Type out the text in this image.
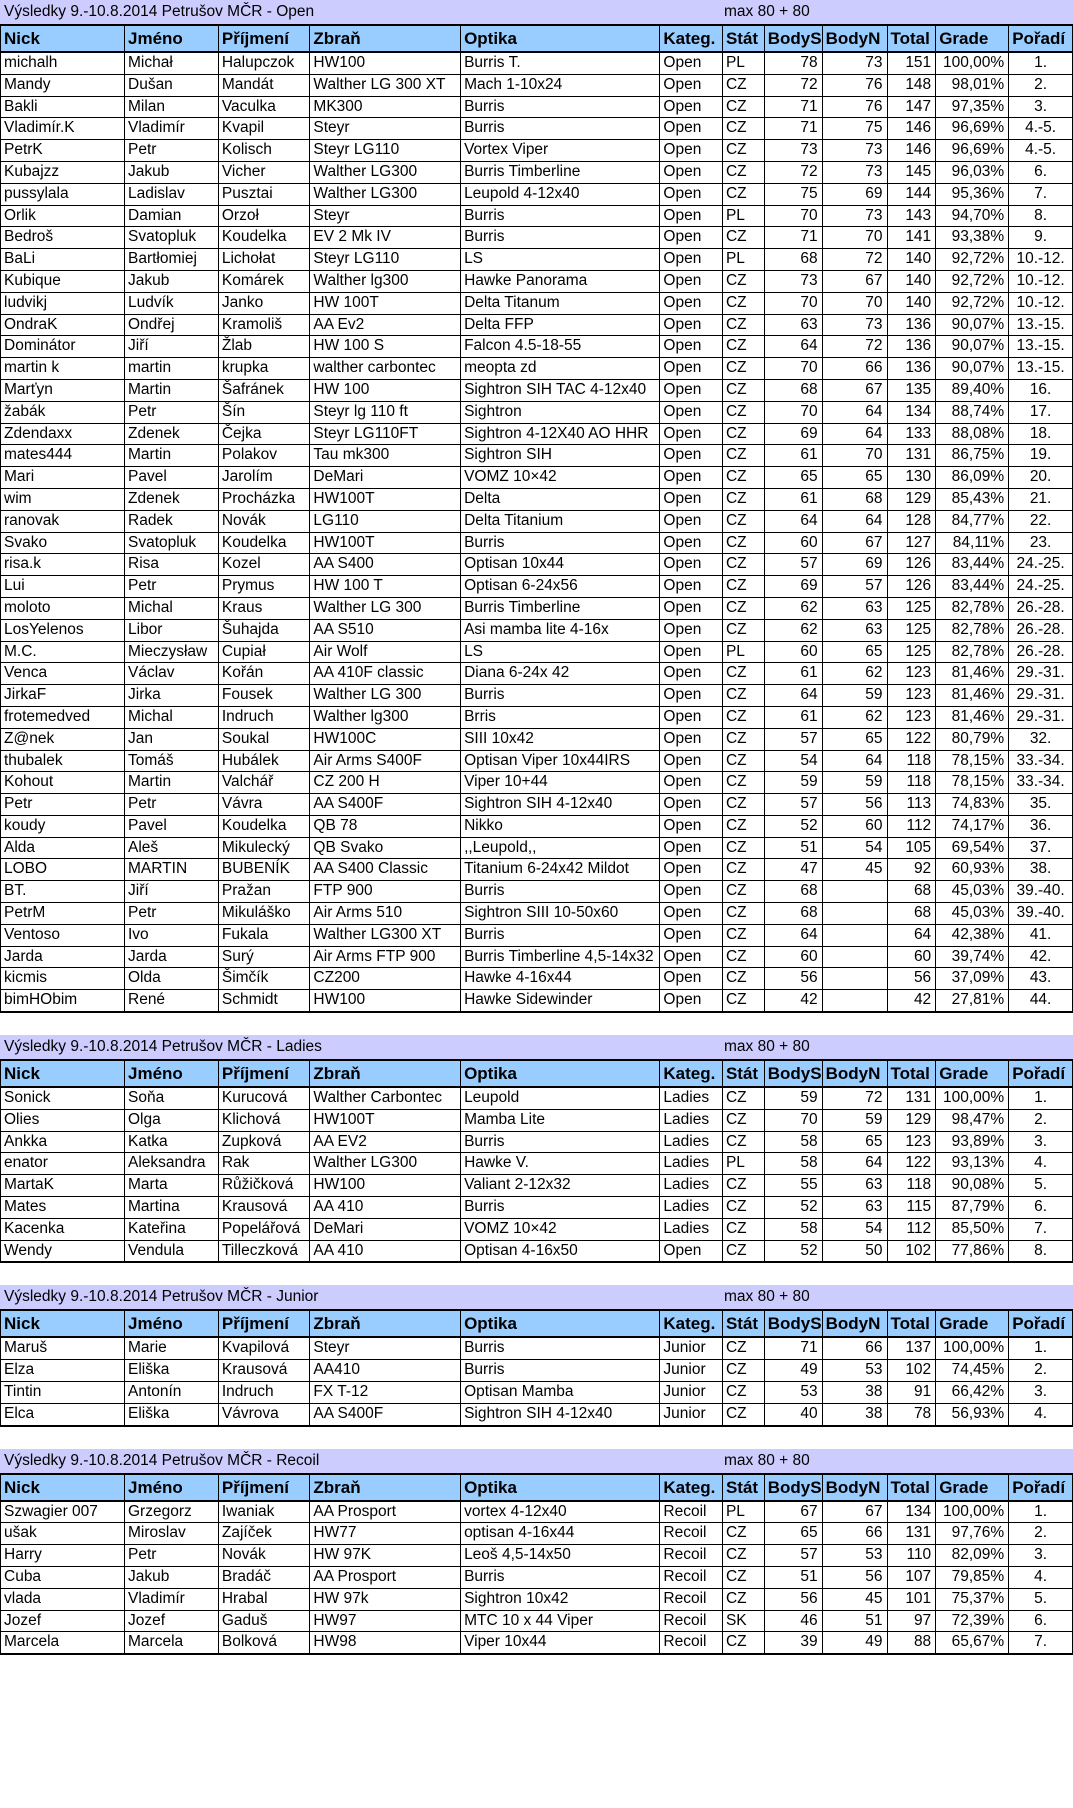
Výsledky 9.-10.8.2014 Petrušov MČR - Open	max 80 + 80
Nick	Jméno	Příjmení	Zbraň	Optika	Kateg.	Stát	BodyS	BodyN	Total	Grade	Pořadí
michalh	Michał	Halupczok	HW100	Burris T.	Open	PL	78	73	151	100,00%	1.
Mandy	Dušan	Mandát	Walther LG 300 XT	Mach 1-10x24	Open	CZ	72	76	148	98,01%	2.
Bakli	Milan	Vaculka	MK300	Burris	Open	CZ	71	76	147	97,35%	3.
Vladimír.K	Vladimír	Kvapil	Steyr	Burris	Open	CZ	71	75	146	96,69%	4.-5.
PetrK	Petr	Kolisch	Steyr LG110	Vortex Viper	Open	CZ	73	73	146	96,69%	4.-5.
Kubajzz	Jakub	Vicher	Walther LG300	Burris Timberline	Open	CZ	72	73	145	96,03%	6.
pussylala	Ladislav	Pusztai	Walther LG300	Leupold 4-12x40	Open	CZ	75	69	144	95,36%	7.
Orlik	Damian	Orzoł	Steyr	Burris	Open	PL	70	73	143	94,70%	8.
Bedroš	Svatopluk	Koudelka	EV 2 Mk IV	Burris	Open	CZ	71	70	141	93,38%	9.
BaLi	Bartłomiej	Lichołat	Steyr LG110	LS	Open	PL	68	72	140	92,72%	10.-12.
Kubique	Jakub	Komárek	Walther lg300	Hawke Panorama	Open	CZ	73	67	140	92,72%	10.-12.
ludvikj	Ludvík	Janko	HW 100T	Delta Titanum	Open	CZ	70	70	140	92,72%	10.-12.
OndraK	Ondřej	Kramoliš	AA Ev2	Delta FFP	Open	CZ	63	73	136	90,07%	13.-15.
Dominátor	Jiří	Žlab	HW 100 S	Falcon 4.5-18-55	Open	CZ	64	72	136	90,07%	13.-15.
martin k	martin	krupka	walther carbontec	meopta zd	Open	CZ	70	66	136	90,07%	13.-15.
Marťyn	Martin	Šafránek	HW 100	Sightron SIH TAC 4-12x40	Open	CZ	68	67	135	89,40%	16.
žabák	Petr	Šín	Steyr lg 110 ft	Sightron	Open	CZ	70	64	134	88,74%	17.
Zdendaxx	Zdenek	Čejka	Steyr LG110FT	Sightron 4-12X40 AO HHR	Open	CZ	69	64	133	88,08%	18.
mates444	Martin	Polakov	Tau mk300	Sightron SIH	Open	CZ	61	70	131	86,75%	19.
Mari	Pavel	Jarolím	DeMari	VOMZ 10×42	Open	CZ	65	65	130	86,09%	20.
wim	Zdenek	Procházka	HW100T	Delta	Open	CZ	61	68	129	85,43%	21.
ranovak	Radek	Novák	LG110	Delta Titanium	Open	CZ	64	64	128	84,77%	22.
Svako	Svatopluk	Koudelka	HW100T	Burris	Open	CZ	60	67	127	84,11%	23.
risa.k	Risa	Kozel	AA S400	Optisan 10x44	Open	CZ	57	69	126	83,44%	24.-25.
Lui	Petr	Prymus	HW 100 T	Optisan 6-24x56	Open	CZ	69	57	126	83,44%	24.-25.
moloto	Michal	Kraus	Walther LG 300	Burris Timberline	Open	CZ	62	63	125	82,78%	26.-28.
LosYelenos	Libor	Šuhajda	AA S510	Asi mamba lite 4-16x	Open	CZ	62	63	125	82,78%	26.-28.
M.C.	Mieczysław	Cupiał	Air Wolf	LS	Open	PL	60	65	125	82,78%	26.-28.
Venca	Václav	Kořán	AA 410F classic	Diana 6-24x 42	Open	CZ	61	62	123	81,46%	29.-31.
JirkaF	Jirka	Fousek	Walther LG 300	Burris	Open	CZ	64	59	123	81,46%	29.-31.
frotemedved	Michal	Indruch	Walther lg300	Brris	Open	CZ	61	62	123	81,46%	29.-31.
Z@nek	Jan	Soukal	HW100C	SIII 10x42	Open	CZ	57	65	122	80,79%	32.
thubalek	Tomáš	Hubálek	Air Arms S400F	Optisan Viper 10x44IRS	Open	CZ	54	64	118	78,15%	33.-34.
Kohout	Martin	Valchář	CZ 200 H	Viper 10+44	Open	CZ	59	59	118	78,15%	33.-34.
Petr	Petr	Vávra	AA S400F	Sightron SIH 4-12x40	Open	CZ	57	56	113	74,83%	35.
koudy	Pavel	Koudelka	QB 78	Nikko	Open	CZ	52	60	112	74,17%	36.
Alda	Aleš	Mikulecký	QB Svako	,,Leupold,,	Open	CZ	51	54	105	69,54%	37.
LOBO	MARTIN	BUBENÍK	AA S400 Classic	Titanium 6-24x42 Mildot	Open	CZ	47	45	92	60,93%	38.
BT.	Jiří	Pražan	FTP 900	Burris	Open	CZ	68		68	45,03%	39.-40.
PetrM	Petr	Mikuláško	Air Arms 510	Sightron SIII 10-50x60	Open	CZ	68		68	45,03%	39.-40.
Ventoso	Ivo	Fukala	Walther LG300 XT	Burris	Open	CZ	64		64	42,38%	41.
Jarda	Jarda	Surý	Air Arms FTP 900	Burris Timberline 4,5-14x32	Open	CZ	60		60	39,74%	42.
kicmis	Olda	Šimčík	CZ200	Hawke 4-16x44	Open	CZ	56		56	37,09%	43.
bimHObim	René	Schmidt	HW100	Hawke Sidewinder	Open	CZ	42		42	27,81%	44.
Výsledky 9.-10.8.2014 Petrušov MČR - Ladies	max 80 + 80
Nick	Jméno	Příjmení	Zbraň	Optika	Kateg.	Stát	BodyS	BodyN	Total	Grade	Pořadí
Sonick	Soňa	Kurucová	Walther Carbontec	Leupold	Ladies	CZ	59	72	131	100,00%	1.
Olies	Olga	Klichová	HW100T	Mamba Lite	Ladies	CZ	70	59	129	98,47%	2.
Ankka	Katka	Zupková	AA EV2	Burris	Ladies	CZ	58	65	123	93,89%	3.
enator	Aleksandra	Rak	Walther LG300	Hawke V.	Ladies	PL	58	64	122	93,13%	4.
MartaK	Marta	Růžičková	HW100	Valiant 2-12x32	Ladies	CZ	55	63	118	90,08%	5.
Mates	Martina	Krausová	AA 410	Burris	Ladies	CZ	52	63	115	87,79%	6.
Kacenka	Kateřina	Popelářová	DeMari	VOMZ 10×42	Ladies	CZ	58	54	112	85,50%	7.
Wendy	Vendula	Tilleczková	AA 410	Optisan 4-16x50	Open	CZ	52	50	102	77,86%	8.
Výsledky 9.-10.8.2014 Petrušov MČR - Junior	max 80 + 80
Nick	Jméno	Příjmení	Zbraň	Optika	Kateg.	Stát	BodyS	BodyN	Total	Grade	Pořadí
Maruš	Marie	Kvapilová	Steyr	Burris	Junior	CZ	71	66	137	100,00%	1.
Elza	Eliška	Krausová	AA410	Burris	Junior	CZ	49	53	102	74,45%	2.
Tintin	Antonín	Indruch	FX T-12	Optisan Mamba	Junior	CZ	53	38	91	66,42%	3.
Elca	Eliška	Vávrova	AA S400F	Sightron SIH 4-12x40	Junior	CZ	40	38	78	56,93%	4.
Výsledky 9.-10.8.2014 Petrušov MČR - Recoil	max 80 + 80
Nick	Jméno	Příjmení	Zbraň	Optika	Kateg.	Stát	BodyS	BodyN	Total	Grade	Pořadí
Szwagier 007	Grzegorz	Iwaniak	AA Prosport	vortex 4-12x40	Recoil	PL	67	67	134	100,00%	1.
ušak	Miroslav	Zajíček	HW77	optisan 4-16x44	Recoil	CZ	65	66	131	97,76%	2.
Harry	Petr	Novák	HW 97K	Leoš 4,5-14x50	Recoil	CZ	57	53	110	82,09%	3.
Cuba	Jakub	Bradáč	AA Prosport	Burris	Recoil	CZ	51	56	107	79,85%	4.
vlada	Vladimír	Hrabal	HW 97k	Sightron 10x42	Recoil	CZ	56	45	101	75,37%	5.
Jozef	Jozef	Gaduš	HW97	MTC 10 x 44 Viper	Recoil	SK	46	51	97	72,39%	6.
Marcela	Marcela	Bolková	HW98	Viper 10x44	Recoil	CZ	39	49	88	65,67%	7.
